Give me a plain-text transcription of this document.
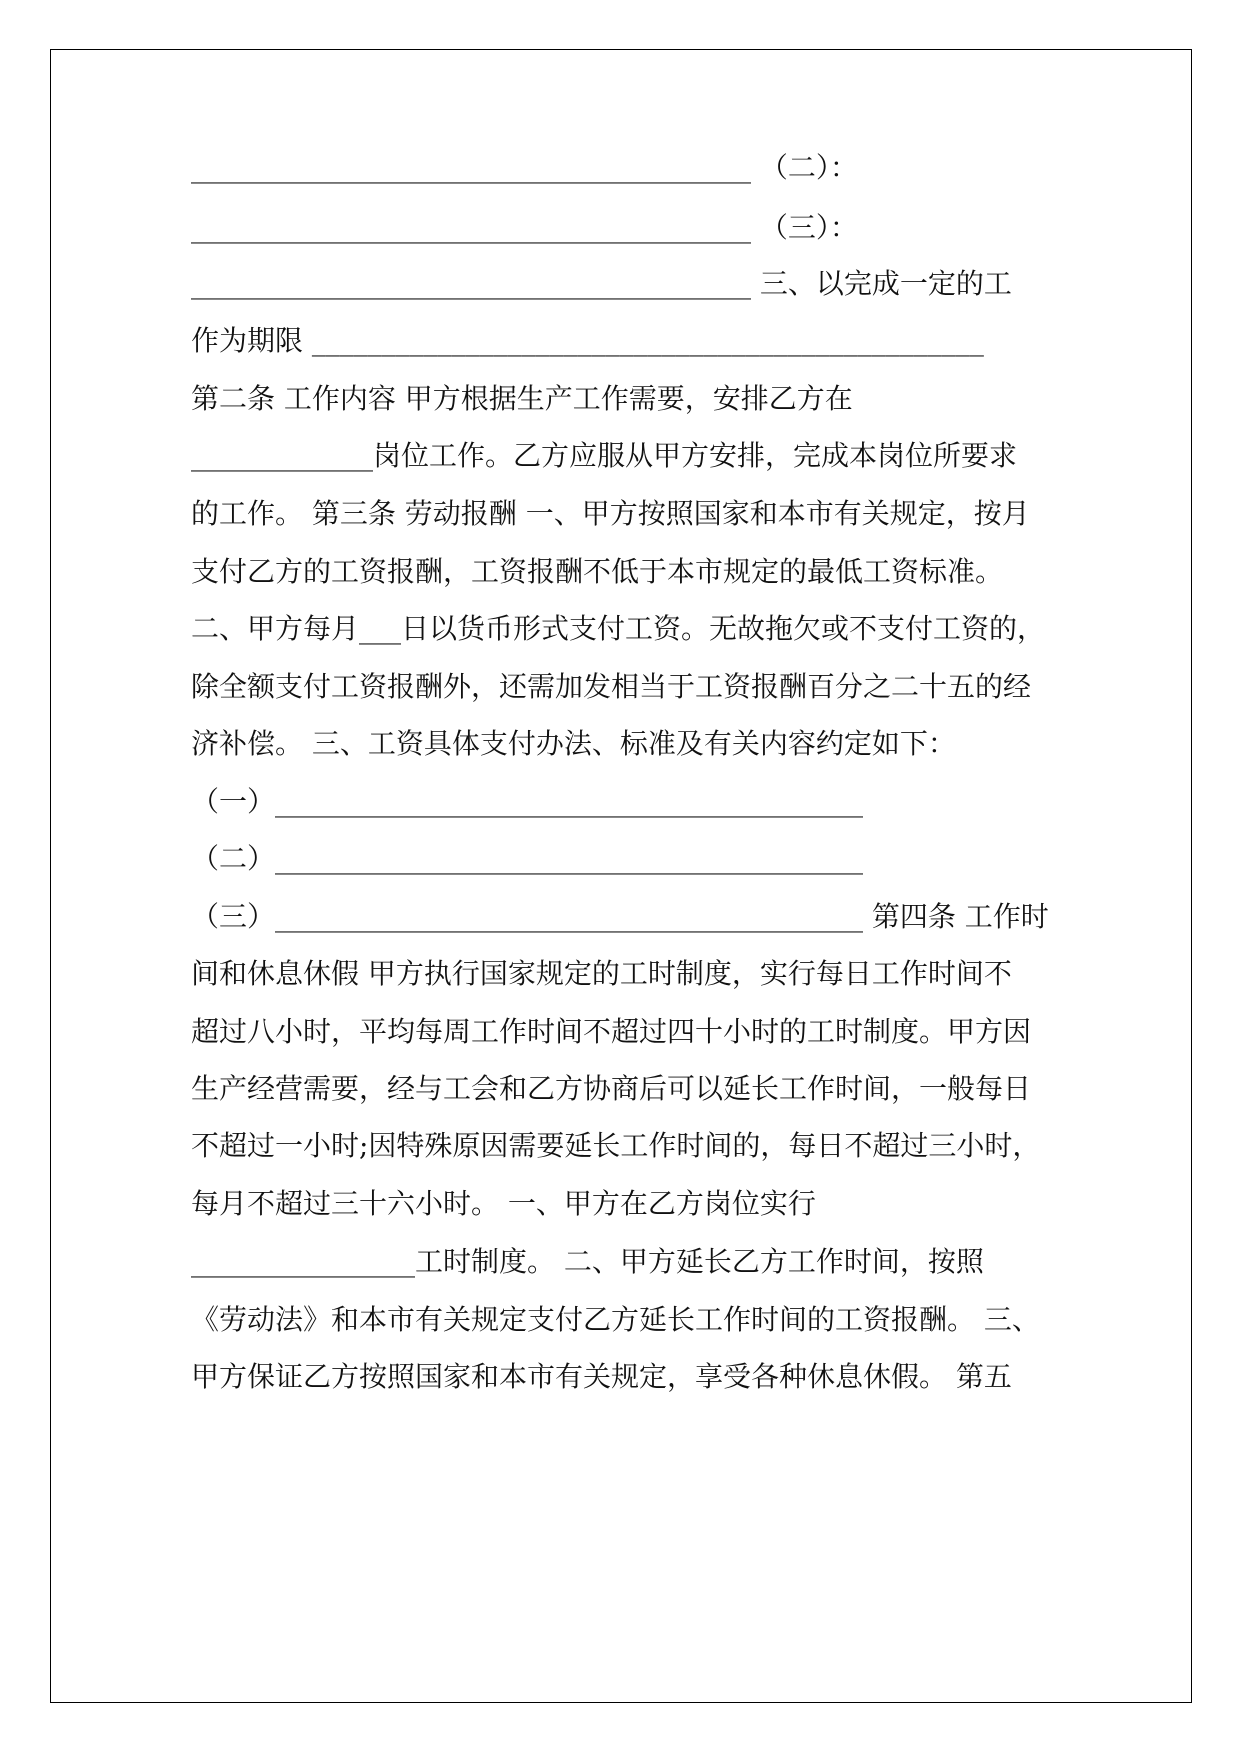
________________________________________ （二）：
________________________________________ （三）：
________________________________________ 三、以完成一定的工
作为期限 ________________________________________________
第二条 工作内容 甲方根据生产工作需要，安排乙方在
_____________岗位工作。乙方应服从甲方安排，完成本岗位所要求
的工作。 第三条 劳动报酬 一、甲方按照国家和本市有关规定，按月
支付乙方的工资报酬，工资报酬不低于本市规定的最低工资标准。
二、甲方每月___日以货币形式支付工资。无故拖欠或不支付工资的，
除全额支付工资报酬外，还需加发相当于工资报酬百分之二十五的经
济补偿。 三、工资具体支付办法、标准及有关内容约定如下：
（一）__________________________________________
（二）__________________________________________
（三）__________________________________________ 第四条 工作时
间和休息休假 甲方执行国家规定的工时制度，实行每日工作时间不
超过八小时，平均每周工作时间不超过四十小时的工时制度。甲方因
生产经营需要，经与工会和乙方协商后可以延长工作时间，一般每日
不超过一小时;因特殊原因需要延长工作时间的，每日不超过三小时，
每月不超过三十六小时。 一、甲方在乙方岗位实行
________________工时制度。 二、甲方延长乙方工作时间，按照
《劳动法》和本市有关规定支付乙方延长工作时间的工资报酬。 三、
甲方保证乙方按照国家和本市有关规定，享受各种休息休假。 第五
